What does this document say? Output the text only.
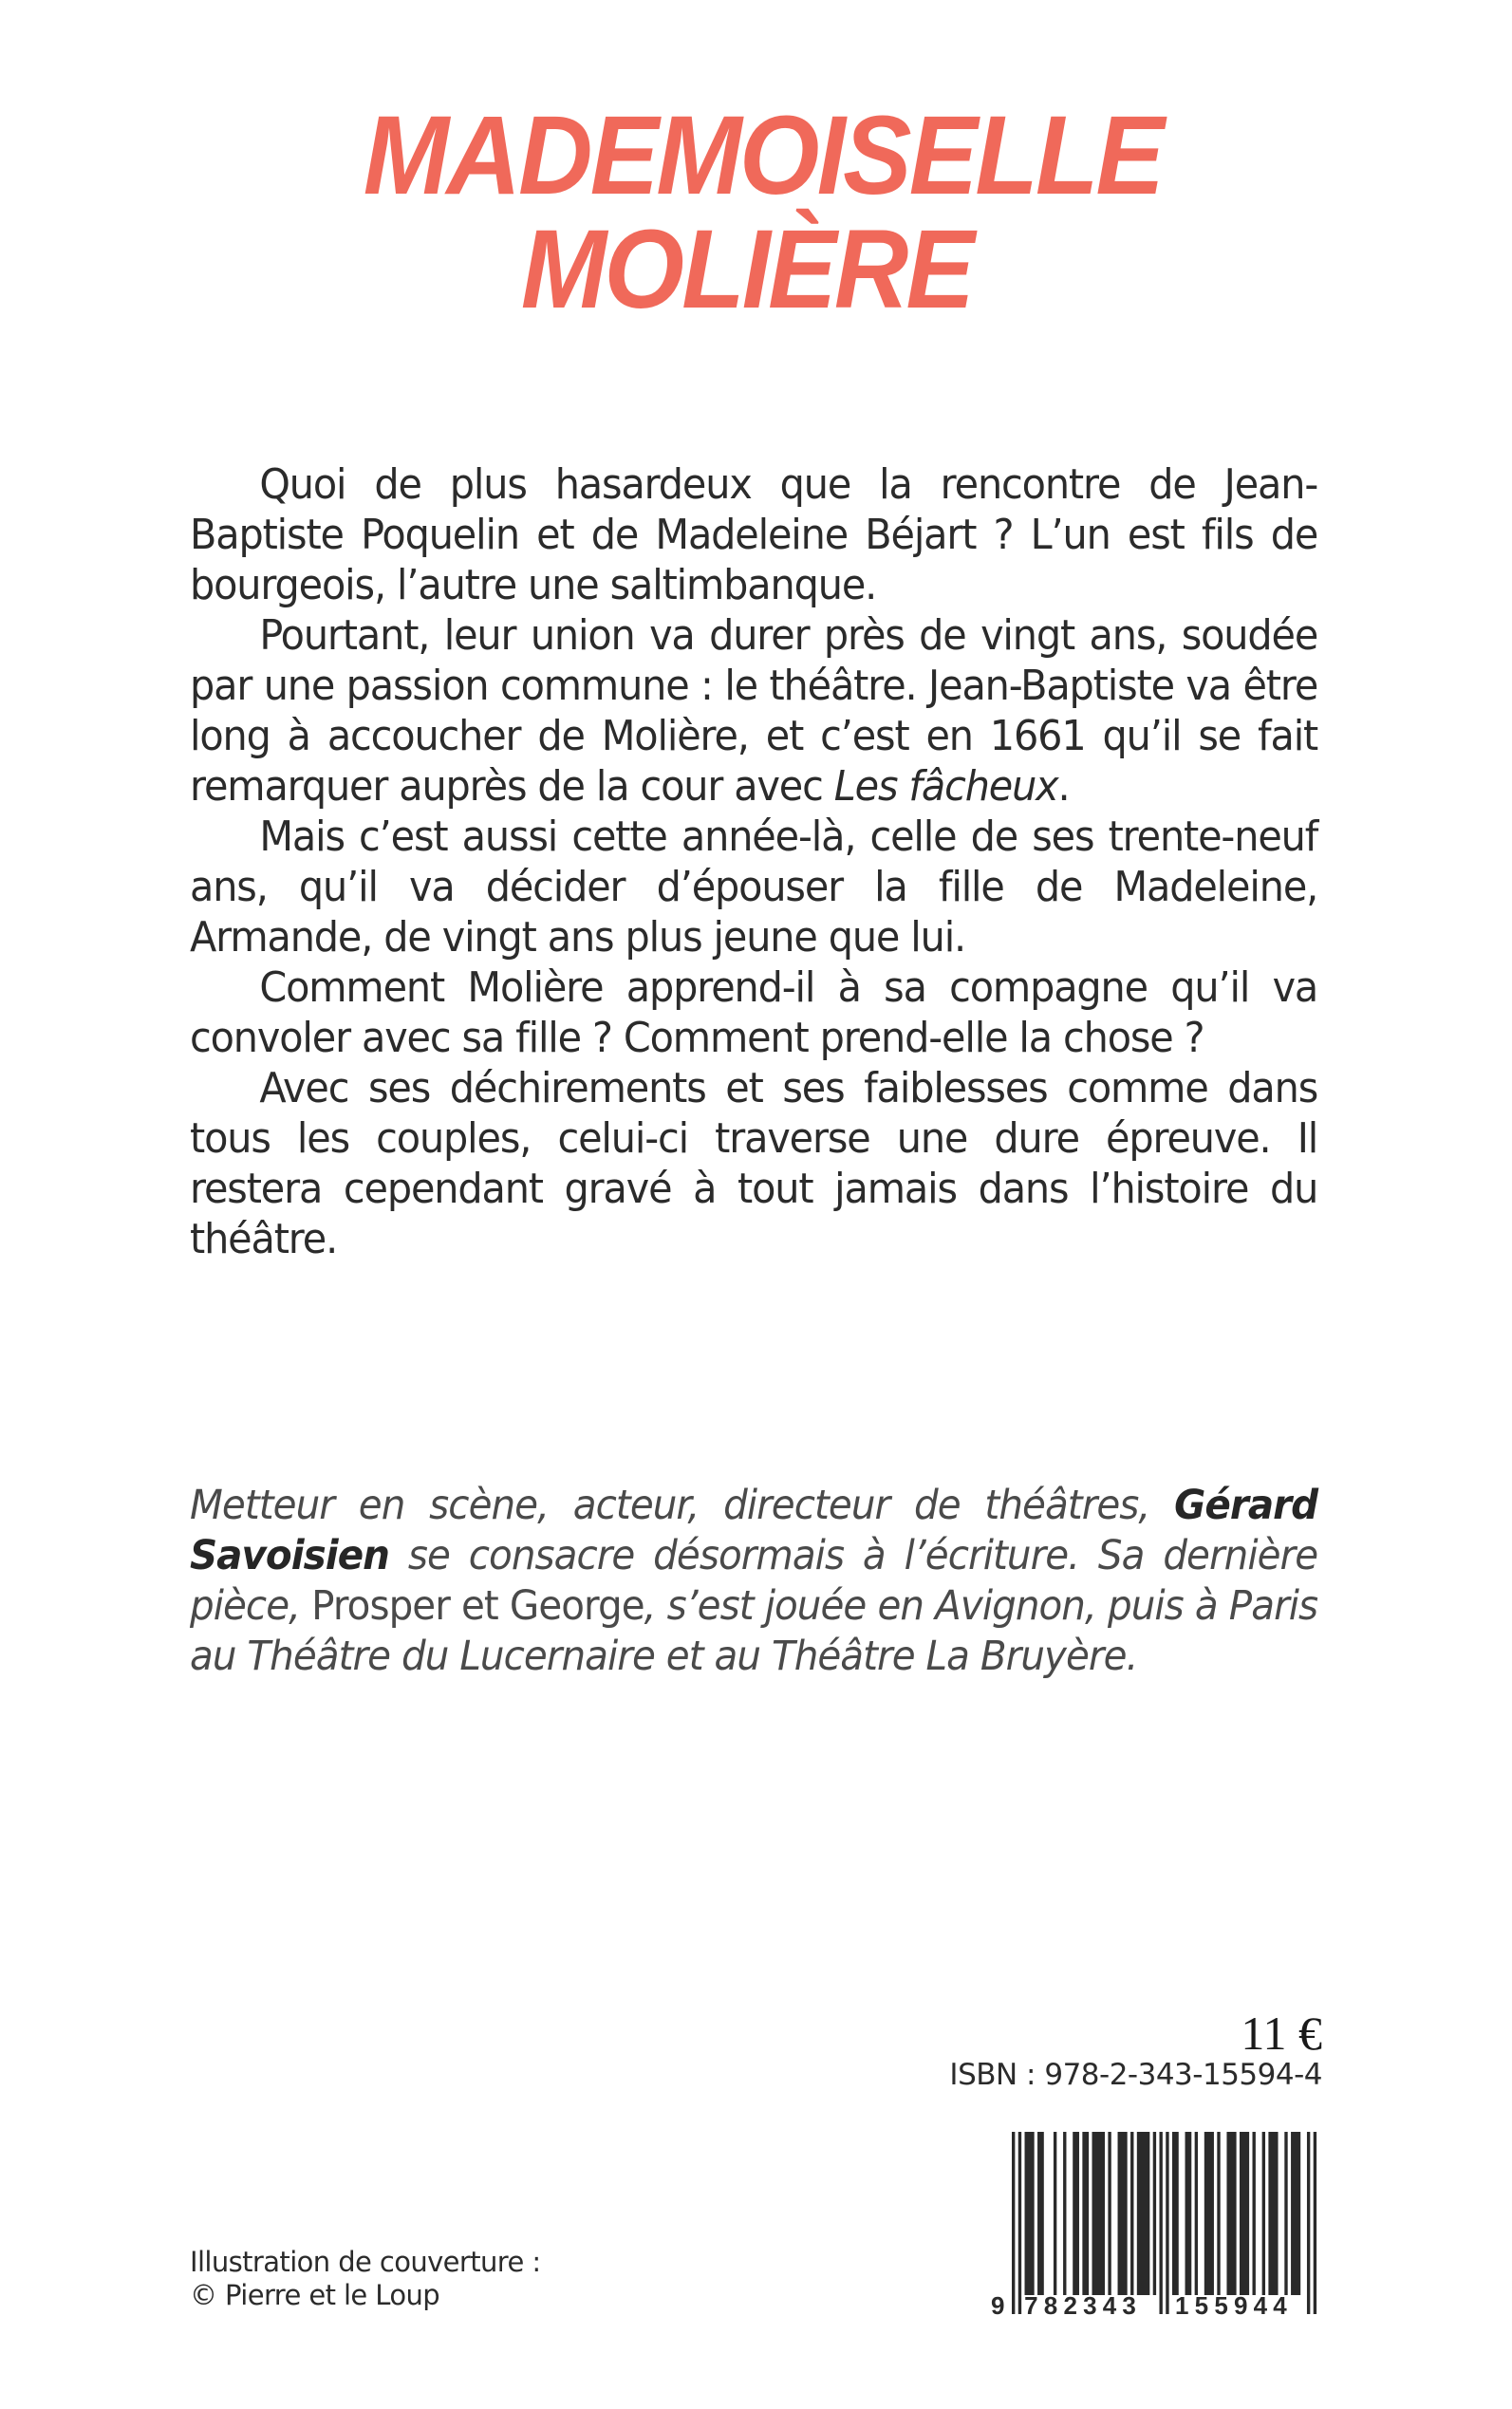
MADEMOISELLE
MOLIÈRE

Quoi de plus hasardeux que la rencontre de Jean-Baptiste Poquelin et de Madeleine Béjart ? L’un est fils de bourgeois, l’autre une saltimbanque.

Pourtant, leur union va durer près de vingt ans, soudée par une passion commune : le théâtre. Jean-Baptiste va être long à accoucher de Molière, et c’est en 1661 qu’il se fait remarquer auprès de la cour avec Les fâcheux.

Mais c’est aussi cette année-là, celle de ses trente-neuf ans, qu’il va décider d’épouser la fille de Madeleine, Armande, de vingt ans plus jeune que lui.

Comment Molière apprend-il à sa compagne qu’il va convoler avec sa fille ? Comment prend-elle la chose ?

Avec ses déchirements et ses faiblesses comme dans tous les couples, celui-ci traverse une dure épreuve. Il restera cependant gravé à tout jamais dans l’histoire du théâtre.

Metteur en scène, acteur, directeur de théâtres, Gérard Savoisien se consacre désormais à l’écriture. Sa dernière pièce, Prosper et George, s’est jouée en Avignon, puis à Paris au Théâtre du Lucernaire et au Théâtre La Bruyère.

11 €
ISBN : 978-2-343-15594-4
9 782343 155944
Illustration de couverture :
© Pierre et le Loup
